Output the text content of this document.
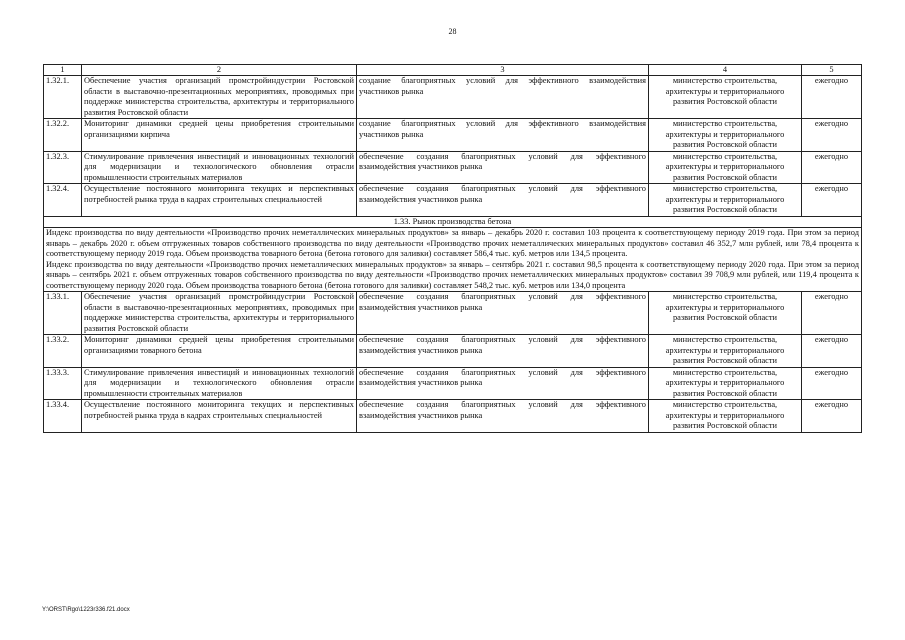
28
1	2	3	4	5
1.32.1.	Обеспечение участия организаций промстройиндустрии Ростовской области в выставочно-презентационных мероприятиях, проводимых при поддержке министерства строительства, архитектуры и территориального развития Ростовской области	создание благоприятных условий для эффективного взаимодействия участников рынка	министерство строительства, архитектуры и территориального развития Ростовской области	ежегодно
1.32.2.	Мониторинг динамики средней цены приобретения строительными организациями кирпича	создание благоприятных условий для эффективного взаимодействия участников рынка	министерство строительства, архитектуры и территориального развития Ростовской области	ежегодно
1.32.3.	Стимулирование привлечения инвестиций и инновационных технологий для модернизации и технологического обновления отрасли промышленности строительных материалов	обеспечение создания благоприятных условий для эффективного взаимодействия участников рынка	министерство строительства, архитектуры и территориального развития Ростовской области	ежегодно
1.32.4.	Осуществление постоянного мониторинга текущих и перспективных потребностей рынка труда в кадрах строительных специальностей	обеспечение создания благоприятных условий для эффективного взаимодействия участников рынка	министерство строительства, архитектуры и территориального развития Ростовской области	ежегодно
1.33. Рынок производства бетона				

Индекс производства по виду деятельности «Производство прочих неметаллических минеральных продуктов» за январь – декабрь 2020 г. составил 103 процента к соответствующему периоду 2019 года. При этом за период январь – декабрь 2020 г. объем отгруженных товаров собственного производства по виду деятельности «Производство прочих неметаллических минеральных продуктов» составил 46 352,7 млн рублей, или 78,4 процента к соответствующему периоду 2019 года. Объем производства товарного бетона (бетона готового для заливки) составляет 586,4 тыс. куб. метров или 134,5 процента.
Индекс производства по виду деятельности «Производство прочих неметаллических минеральных продуктов» за январь – сентябрь 2021 г. составил 98,5 процента к соответствующему периоду 2020 года. При этом за период январь – сентябрь 2021 г. объем отгруженных товаров собственного производства по виду деятельности «Производство прочих неметаллических минеральных продуктов» составил 39 708,9 млн рублей, или 119,4 процента к соответствующему периоду 2020 года. Объем производства товарного бетона (бетона готового для заливки) составляет 548,2 тыс. куб. метров или 134,0 процента				

1.33.1.	Обеспечение участия организаций промстройиндустрии Ростовской области в выставочно-презентационных мероприятиях, проводимых при поддержке министерства строительства, архитектуры и территориального развития Ростовской области	обеспечение создания благоприятных условий для эффективного взаимодействия участников рынка	министерство строительства, архитектуры и территориального развития Ростовской области	ежегодно
1.33.2.	Мониторинг динамики средней цены приобретения строительными организациями товарного бетона	обеспечение создания благоприятных условий для эффективного взаимодействия участников рынка	министерство строительства, архитектуры и территориального развития Ростовской области	ежегодно
1.33.3.	Стимулирование привлечения инвестиций и инновационных технологий для модернизации и технологического обновления отрасли промышленности строительных материалов	обеспечение создания благоприятных условий для эффективного взаимодействия участников рынка	министерство строительства, архитектуры и территориального развития Ростовской области	ежегодно
1.33.4.	Осуществление постоянного мониторинга текущих и перспективных потребностей рынка труда в кадрах строительных специальностей	обеспечение создания благоприятных условий для эффективного взаимодействия участников рынка	министерство строительства, архитектуры и территориального развития Ростовской области	ежегодно
Y:\ORST\Rgo\1223r336.f21.docx
